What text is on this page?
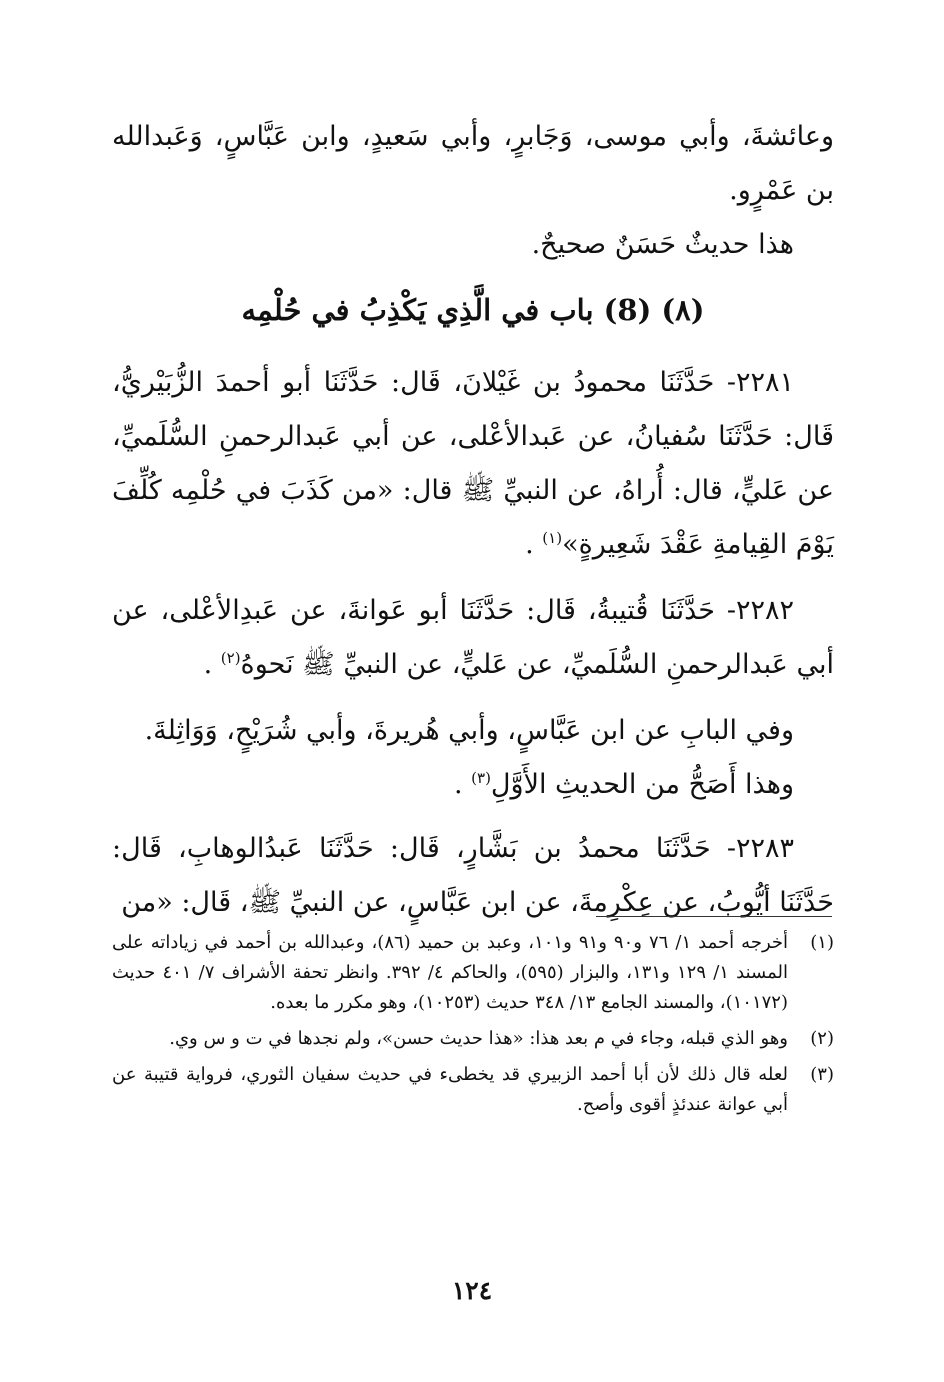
وعائشةَ، وأبي موسى، وَجَابرٍ، وأبي سَعيدٍ، وابن عَبَّاسٍ، وَعَبدالله بن عَمْرٍو.

هذا حديثٌ حَسَنٌ صحيحٌ.

(٨) (8) باب في الَّذِي يَكْذِبُ في حُلْمِه

٢٢٨١- حَدَّثَنَا محمودُ بن غَيْلانَ، قَال: حَدَّثَنَا أبو أحمدَ الزُّبَيْريُّ، قَال: حَدَّثَنَا سُفيانُ، عن عَبدالأعْلى، عن أبي عَبدالرحمنِ السُّلَميِّ، عن عَليٍّ، قال: أُراهُ، عن النبيِّ ﷺ قال: «من كَذَبَ في حُلْمِه كُلِّفَ يَوْمَ القِيامةِ عَقْدَ شَعِيرةٍ»$^{(١)}$ .

٢٢٨٢- حَدَّثَنَا قُتيبةُ، قَال: حَدَّثَنَا أبو عَوانةَ، عن عَبدِالأعْلى، عن أبي عَبدالرحمنِ السُّلَميِّ، عن عَليٍّ، عن النبيِّ ﷺ نَحوهُ$^{(٢)}$ .

وفي البابِ عن ابن عَبَّاسٍ، وأبي هُريرةَ، وأبي شُرَيْحٍ، وَوَاثِلةَ.

وهذا أَصَحُّ من الحديثِ الأَوَّلِ$^{(٣)}$ .

٢٢٨٣- حَدَّثَنَا محمدُ بن بَشَّارٍ، قَال: حَدَّثَنَا عَبدُالوهابِ، قَال: حَدَّثَنَا أيُّوبُ، عن عِكْرِمةَ، عن ابن عَبَّاسٍ، عن النبيِّ ﷺ، قَال: «من

(١)
أخرجه أحمد ١/ ٧٦ و٩٠ و٩١ و١٠١، وعبد بن حميد (٨٦)، وعبدالله بن أحمد في زياداته على المسند ١/ ١٢٩ و١٣١، والبزار (٥٩٥)، والحاكم ٤/ ٣٩٢. وانظر تحفة الأشراف ٧/ ٤٠١ حديث (١٠١٧٢)، والمسند الجامع ١٣/ ٣٤٨ حديث (١٠٢٥٣)، وهو مكرر ما بعده.
(٢)
وهو الذي قبله، وجاء في م بعد هذا: «هذا حديث حسن»، ولم نجدها في ت و س وي.
(٣)
لعله قال ذلك لأن أبا أحمد الزبيري قد يخطىء في حديث سفيان الثوري، فرواية قتيبة عن أبي عوانة عندئذٍ أقوى وأصح.
١٢٤
